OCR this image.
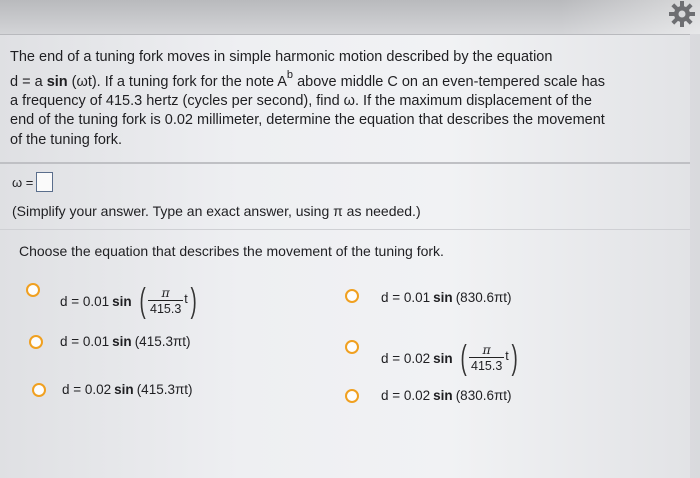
The end of a tuning fork moves in simple harmonic motion described by the equation
d = a sin (ωt). If a tuning fork for the note $A^b$ above middle C on an even-tempered scale has
a frequency of 415.3 hertz (cycles per second), find ω. If the maximum displacement of the
end of the tuning fork is 0.02 millimeter, determine the equation that describes the movement
of the tuning fork.
ω =
(Simplify your answer. Type an exact answer, using π as needed.)
Choose the equation that describes the movement of the tuning fork.
d = 0.01 sin ( $\frac{\pi}{415.3}$ t )	d = 0.01 sin (830.6πt)
d = 0.01 sin (415.3πt)
d = 0.02 sin ( $\frac{\pi}{415.3}$ t )
d = 0.02 sin (415.3πt)	d = 0.02 sin (830.6πt)
